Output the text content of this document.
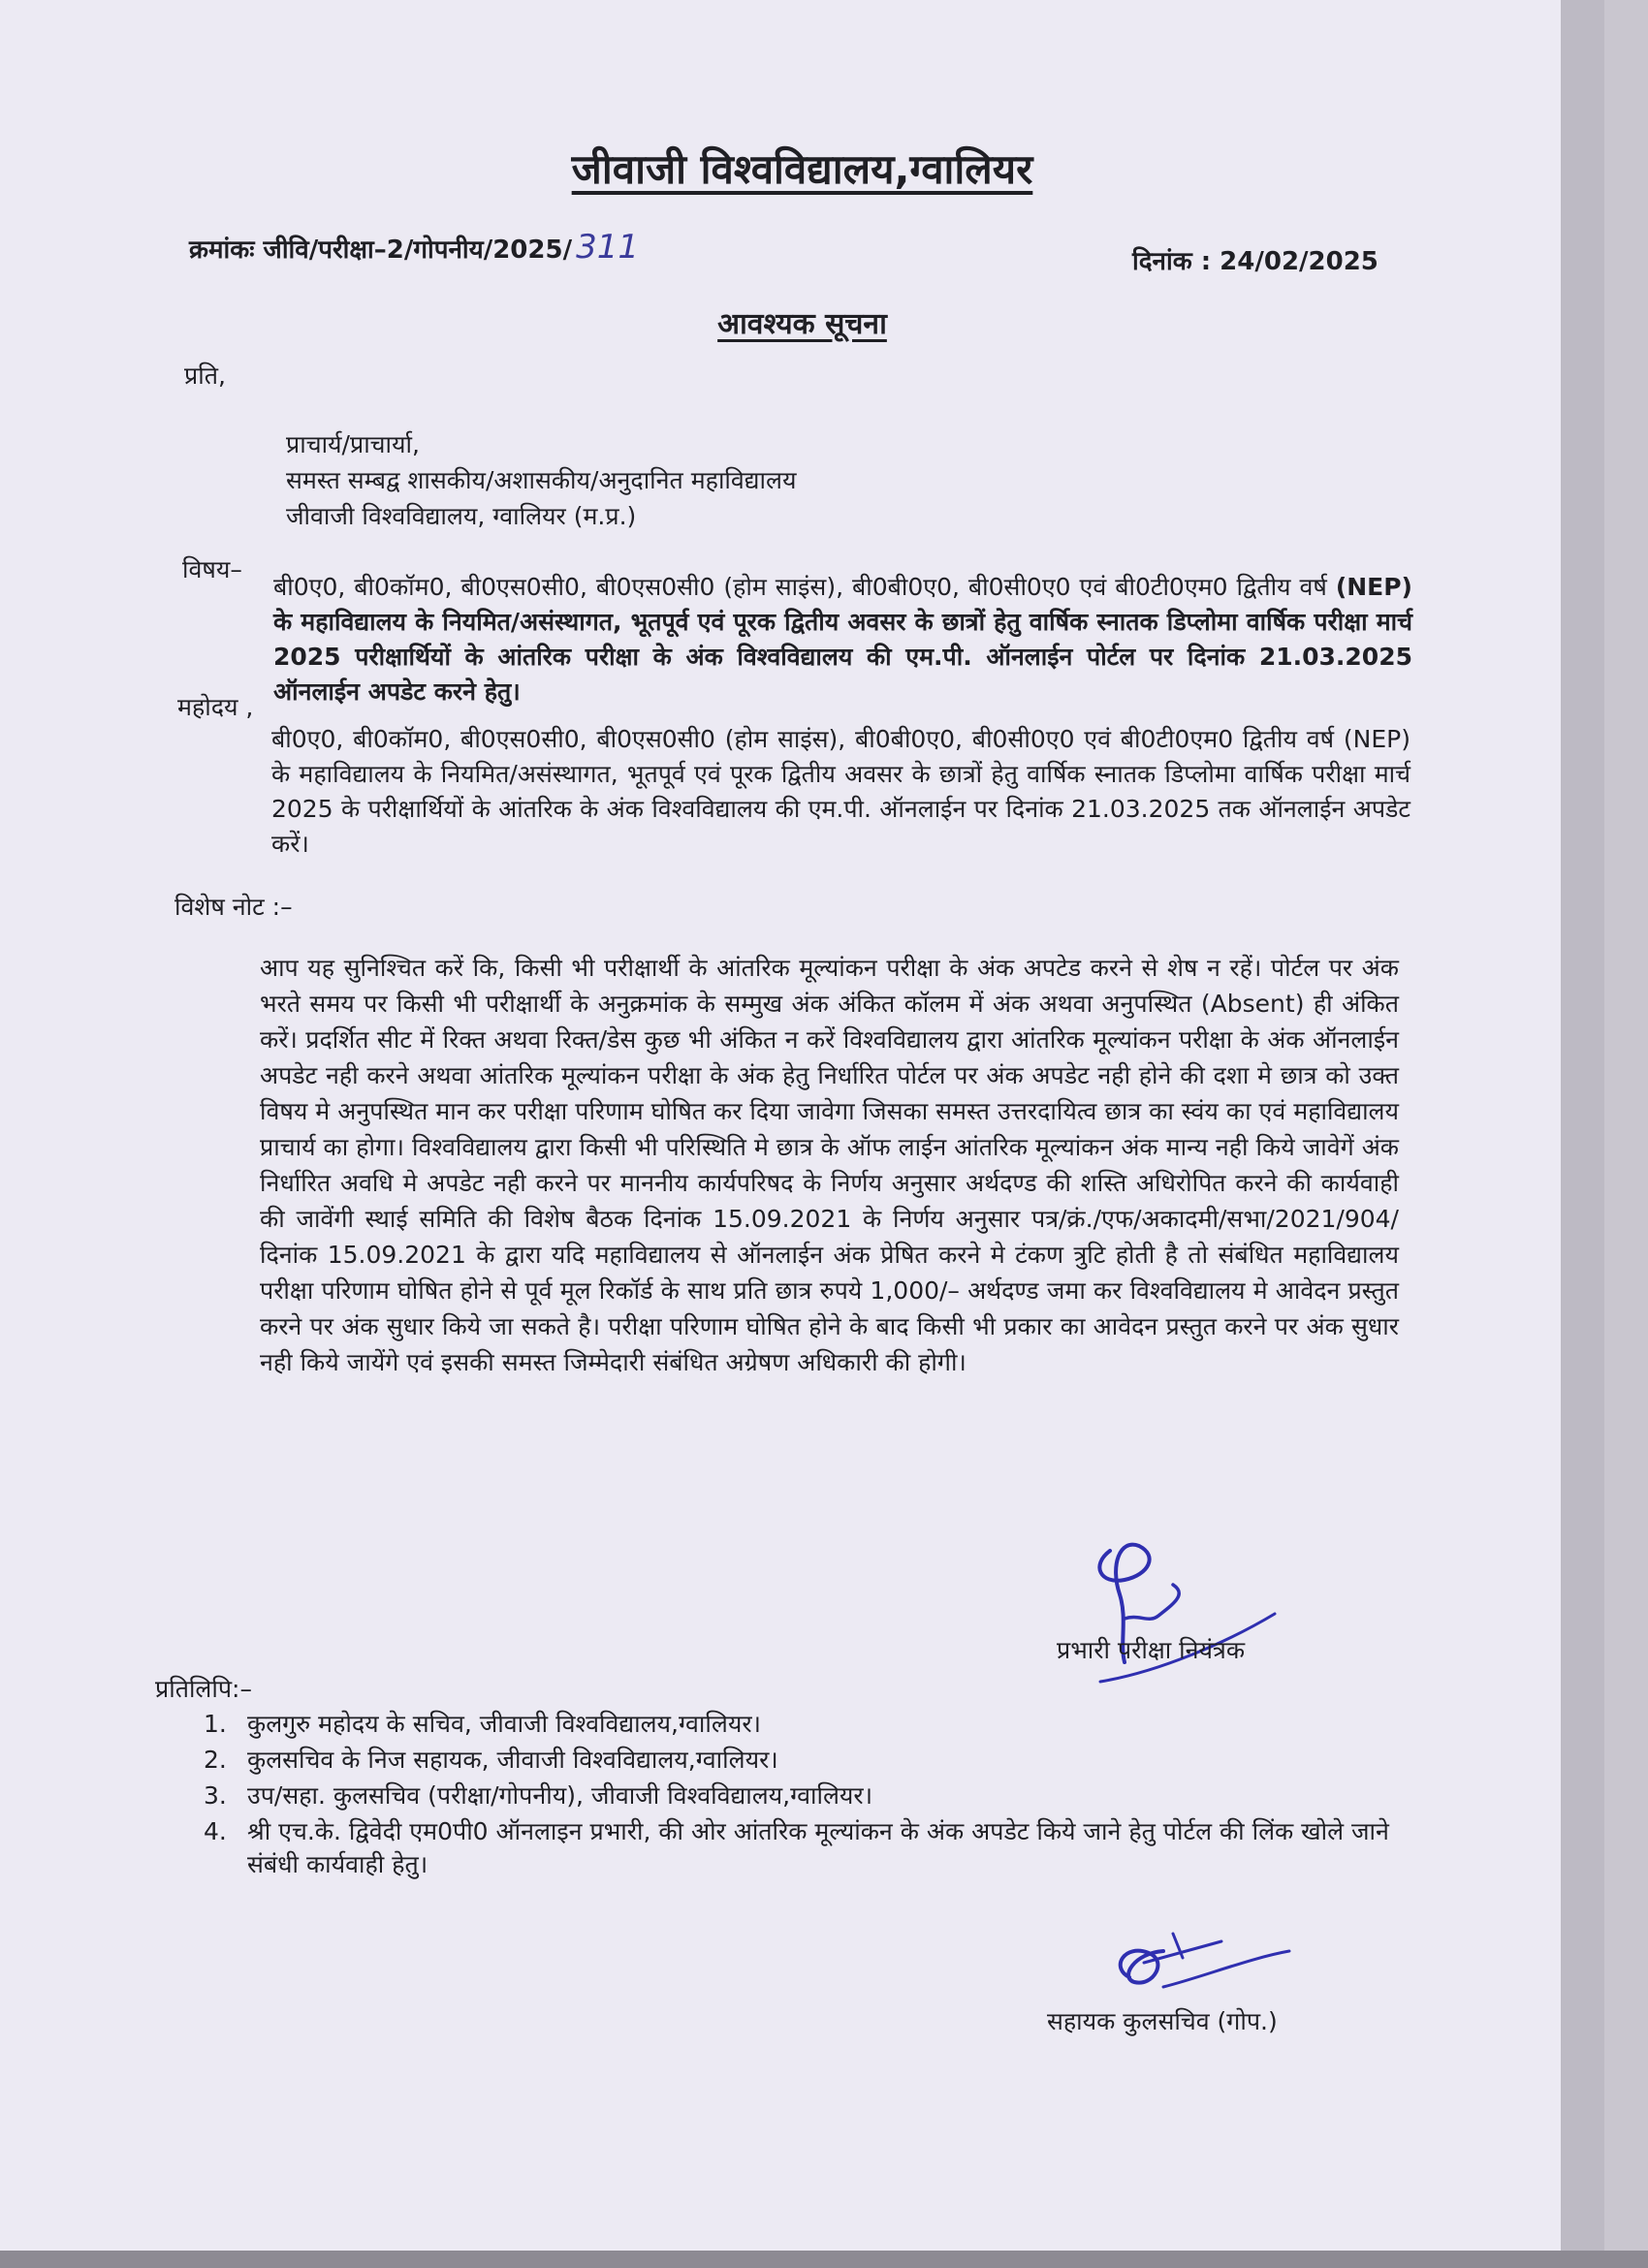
जीवाजी विश्वविद्यालय,ग्वालियर
क्रमांकः जीवि/परीक्षा–2/गोपनीय/2025/ 311	दिनांक : 24/02/2025
आवश्यक सूचना
प्रति,
प्राचार्य/प्राचार्या,
समस्त सम्बद्व शासकीय/अशासकीय/अनुदानित महाविद्यालय
जीवाजी विश्वविद्यालय, ग्वालियर (म.प्र.)
विषय–

बी0ए0, बी0कॉम0, बी0एस0सी0, बी0एस0सी0 (होम साइंस), बी0बी0ए0, बी0सी0ए0 एवं बी0टी0एम0 द्वितीय वर्ष (NEP) के महाविद्यालय के नियमित/असंस्थागत, भूतपूर्व एवं पूरक द्वितीय अवसर के छात्रों हेतु वार्षिक स्नातक डिप्लोमा वार्षिक परीक्षा मार्च 2025 परीक्षार्थियों के आंतरिक परीक्षा के अंक विश्वविद्यालय की एम.पी. ऑनलाईन पोर्टल पर दिनांक 21.03.2025 ऑनलाईन अपडेट करने हेतु।

महोदय ,
बी0ए0, बी0कॉम0, बी0एस0सी0, बी0एस0सी0 (होम साइंस), बी0बी0ए0, बी0सी0ए0 एवं बी0टी0एम0 द्वितीय वर्ष (NEP) के महाविद्यालय के नियमित/असंस्थागत, भूतपूर्व एवं पूरक द्वितीय अवसर के छात्रों हेतु वार्षिक स्नातक डिप्लोमा वार्षिक परीक्षा मार्च 2025 के परीक्षार्थियों के आंतरिक के अंक विश्वविद्यालय की एम.पी. ऑनलाईन पर दिनांक 21.03.2025 तक ऑनलाईन अपडेट करें।
विशेष नोट :–
आप यह सुनिश्चित करें कि, किसी भी परीक्षार्थी के आंतरिक मूल्यांकन परीक्षा के अंक अपटेड करने से शेष न रहें। पोर्टल पर अंक भरते समय पर किसी भी परीक्षार्थी के अनुक्रमांक के सम्मुख अंक अंकित कॉलम में अंक अथवा अनुपस्थित (Absent) ही अंकित करें। प्रदर्शित सीट में रिक्त अथवा रिक्त/डेस कुछ भी अंकित न करें विश्वविद्यालय द्वारा आंतरिक मूल्यांकन परीक्षा के अंक ऑनलाईन अपडेट नही करने अथवा आंतरिक मूल्यांकन परीक्षा के अंक हेतु निर्धारित पोर्टल पर अंक अपडेट नही होने की दशा मे छात्र को उक्त विषय मे अनुपस्थित मान कर परीक्षा परिणाम घोषित कर दिया जावेगा जिसका समस्त उत्तरदायित्व छात्र का स्वंय का एवं महाविद्यालय प्राचार्य का होगा। विश्वविद्यालय द्वारा किसी भी परिस्थिति मे छात्र के ऑफ लाईन आंतरिक मूल्यांकन अंक मान्य नही किये जावेगें अंक निर्धारित अवधि मे अपडेट नही करने पर माननीय कार्यपरिषद के निर्णय अनुसार अर्थदण्ड की शस्ति अधिरोपित करने की कार्यवाही की जावेंगी स्थाई समिति की विशेष बैठक दिनांक 15.09.2021 के निर्णय अनुसार पत्र/क्रं./एफ/अकादमी/सभा/2021/904/दिनांक 15.09.2021 के द्वारा यदि महाविद्यालय से ऑनलाईन अंक प्रेषित करने मे टंकण त्रुटि होती है तो संबंधित महाविद्यालय परीक्षा परिणाम घोषित होने से पूर्व मूल रिकॉर्ड के साथ प्रति छात्र रुपये 1,000/– अर्थदण्ड जमा कर विश्वविद्यालय मे आवेदन प्रस्तुत करने पर अंक सुधार किये जा सकते है। परीक्षा परिणाम घोषित होने के बाद किसी भी प्रकार का आवेदन प्रस्तुत करने पर अंक सुधार नही किये जायेंगे एवं इसकी समस्त जिम्मेदारी संबंधित अग्रेषण अधिकारी की होगी।
प्रभारी परीक्षा नियंत्रक
प्रतिलिपि:–
1. कुलगुरु महोदय के सचिव, जीवाजी विश्वविद्यालय,ग्वालियर।
2. कुलसचिव के निज सहायक, जीवाजी विश्वविद्यालय,ग्वालियर।
3. उप/सहा. कुलसचिव (परीक्षा/गोपनीय), जीवाजी विश्वविद्यालय,ग्वालियर।
4. श्री एच.के. द्विवेदी एम0पी0 ऑनलाइन प्रभारी, की ओर आंतरिक मूल्यांकन के अंक अपडेट किये जाने हेतु पोर्टल की लिंक खोले जाने संबंधी कार्यवाही हेतु।
सहायक कुलसचिव (गोप.)
